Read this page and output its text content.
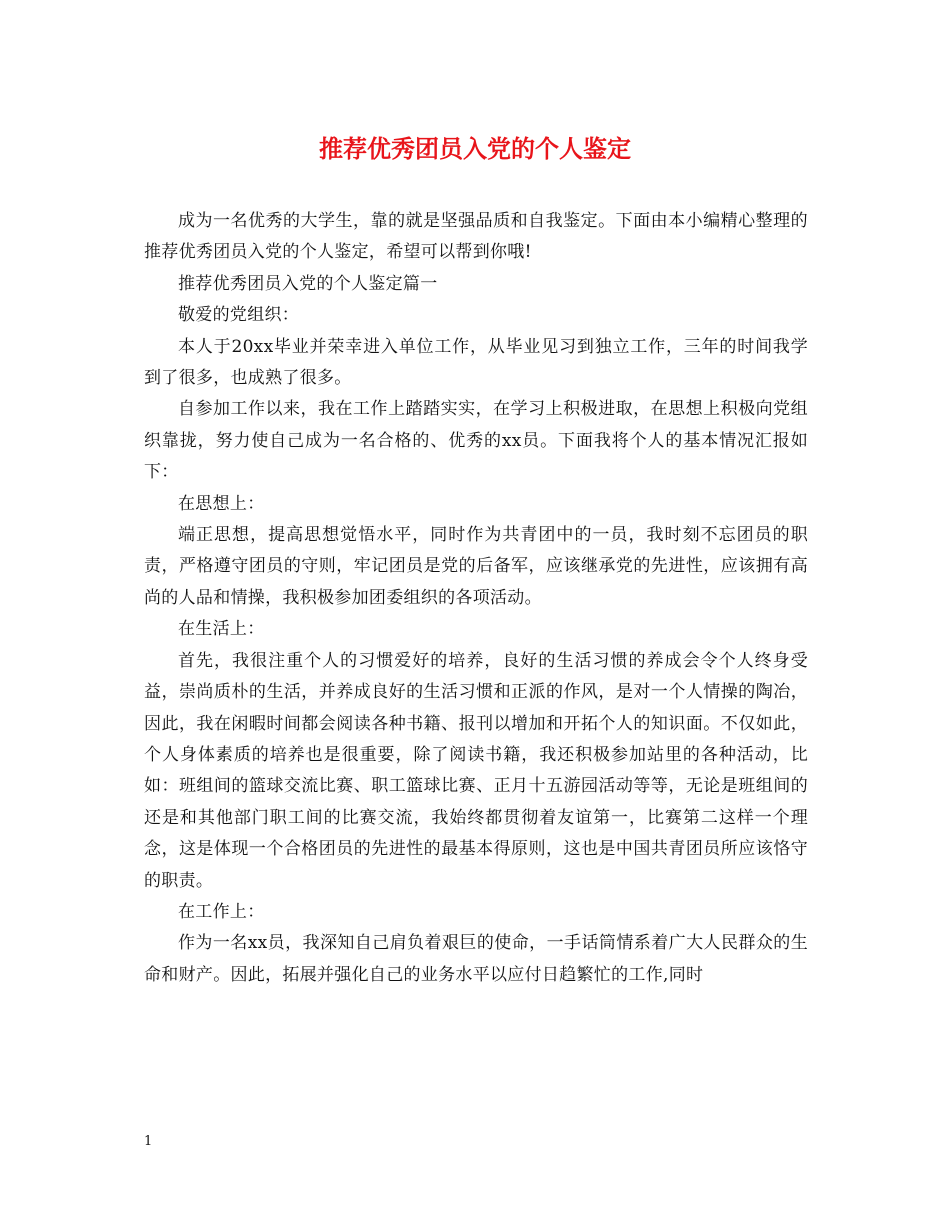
推荐优秀团员入党的个人鉴定

成为一名优秀的大学生，靠的就是坚强品质和自我鉴定。下面由本小编精心整理的推荐优秀团员入党的个人鉴定，希望可以帮到你哦!

推荐优秀团员入党的个人鉴定篇一

敬爱的党组织：

本人于20xx毕业并荣幸进入单位工作，从毕业见习到独立工作，三年的时间我学到了很多，也成熟了很多。

自参加工作以来，我在工作上踏踏实实，在学习上积极进取，在思想上积极向党组织靠拢，努力使自己成为一名合格的、优秀的xx员。下面我将个人的基本情况汇报如下：

在思想上：

端正思想，提高思想觉悟水平，同时作为共青团中的一员，我时刻不忘团员的职责，严格遵守团员的守则，牢记团员是党的后备军，应该继承党的先进性，应该拥有高尚的人品和情操，我积极参加团委组织的各项活动。

在生活上：

首先，我很注重个人的习惯爱好的培养，良好的生活习惯的养成会令个人终身受益，崇尚质朴的生活，并养成良好的生活习惯和正派的作风，是对一个人情操的陶冶，因此，我在闲暇时间都会阅读各种书籍、报刊以增加和开拓个人的知识面。不仅如此，个人身体素质的培养也是很重要，除了阅读书籍，我还积极参加站里的各种活动，比如：班组间的篮球交流比赛、职工篮球比赛、正月十五游园活动等等，无论是班组间的还是和其他部门职工间的比赛交流，我始终都贯彻着友谊第一，比赛第二这样一个理念，这是体现一个合格团员的先进性的最基本得原则，这也是中国共青团员所应该恪守的职责。

在工作上：

作为一名xx员，我深知自己肩负着艰巨的使命，一手话筒情系着广大人民群众的生命和财产。因此，拓展并强化自己的业务水平以应付日趋繁忙的工作,同时

1
